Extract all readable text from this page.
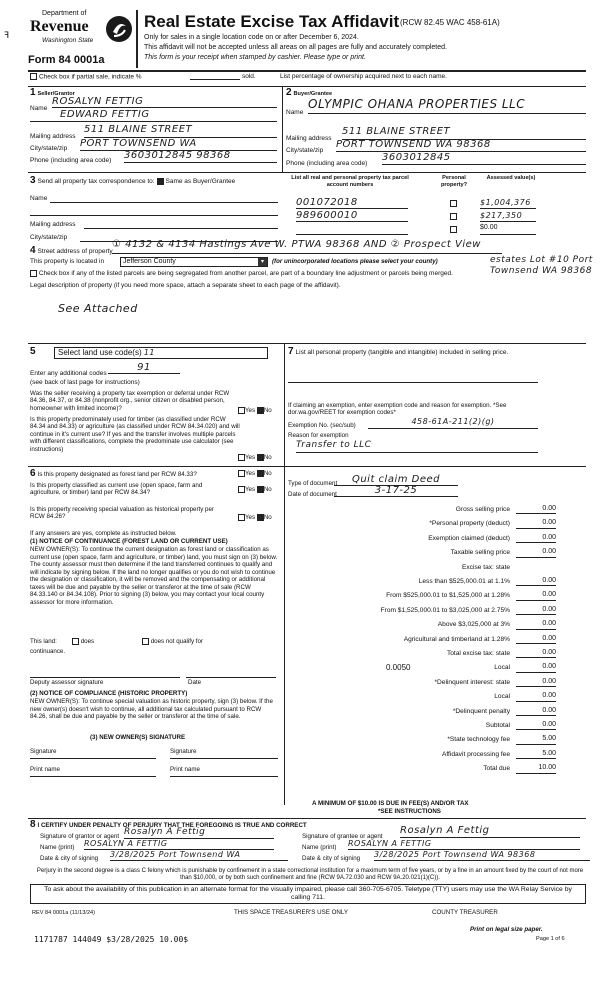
Department of
Revenue
Washington State
Form 84 0001a
Real Estate Excise Tax Affidavit (RCW 82.45 WAC 458-61A)
Only for sales in a single location code on or after December 6, 2024.
This affidavit will not be accepted unless all areas on all pages are fully and accurately completed.
This form is your receipt when stamped by cashier. Please type or print.
ꟻ
Check box if partial sale, indicate %	sold.	List percentage of ownership acquired next to each name.
1 Seller/Grantor
Name
ROSALYN FETTIG
EDWARD FETTIG
Mailing address
511 BLAINE STREET
City/state/zip PORT TOWNSEND WA
Phone (including area code) 3603012845 98368
2 Buyer/Grantee
Name
OLYMPIC OHANA PROPERTIES LLC
Mailing address
511 BLAINE STREET
City/state/zip
PORT TOWNSEND WA 98368
Phone (including area code)
3603012845
3 Send all property tax correspondence to: Same as Buyer/Grantee
Name
Mailing address
City/state/zip
List all real and personal property tax parcel account numbers
Personal property?
Assessed value(s)
001072018	$1,004,376
989600010	$217,350
$0.00
4 Street address of property
① 4132 & 4134 Hastings Ave W. PTWA 98368 AND ② Prospect View
estates Lot #10 Port Townsend WA 98368
This property is located in	Jefferson County	▾	(for unincorporated locations please select your county)
Check box if any of the listed parcels are being segregated from another parcel, are part of a boundary line adjustment or parcels being merged.
Legal description of property (if you need more space, attach a separate sheet to each page of the affidavit).
See Attached
5	Select land use code(s) 11
Enter any additional codes
91
(see back of last page for instructions)
Was the seller receiving a property tax exemption or deferral under RCW 84.36, 84.37, or 84.38 (nonprofit org., senior citizen or disabled person, homeowner with limited income)?	Yes No
Is this property predominately used for timber (as classified under RCW 84.34 and 84.33) or agriculture (as classified under RCW 84.34.020) and will continue in it's current use? If yes and the transfer involves multiple parcels with different classifications, complete the predominate use calculator (see instructions)
Yes No
7 List all personal property (tangible and intangible) included in selling price.
If claiming an exemption, enter exemption code and reason for exemption. *See dor.wa.gov/REET for exemption codes*
Exemption No. (sec/sub)	458-61A-211(2)(g)
Reason for exemption
Transfer to LLC
6 Is this property designated as forest land per RCW 84.33?	Yes No
Is this property classified as current use (open space, farm and agriculture, or timber) land per RCW 84.34?	Yes No
Is this property receiving special valuation as historical property per RCW 84.26?	Yes No
If any answers are yes, complete as instructed below.
(1) NOTICE OF CONTINUANCE (FOREST LAND OR CURRENT USE)
NEW OWNER(S): To continue the current designation as forest land or classification as current use (open space, farm and agriculture, or timber) land, you must sign on (3) below. The county assessor must then determine if the land transferred continues to qualify and will indicate by signing below. If the land no longer qualifies or you do not wish to continue the designation or classification, it will be removed and the compensating or additional taxes will be due and payable by the seller or transferor at the time of sale (RCW 84.33.140 or 84.34.108). Prior to signing (3) below, you may contact your local county assessor for more information.
This land:	does	does not qualify for
continuance.
Deputy assessor signature	Date
(2) NOTICE OF COMPLIANCE (HISTORIC PROPERTY)
NEW OWNER(S): To continue special valuation as historic property, sign (3) below. If the new owner(s) doesn't wish to continue, all additional tax calculated pursuant to RCW 84.26, shall be due and payable by the seller or transferor at the time of sale.
(3) NEW OWNER(S) SIGNATURE
Signature	Signature
Print name	Print name
Type of document	Quit claim Deed
Date of document	3-17-25
Gross selling price	0.00
*Personal property (deduct)	0.00
Exemption claimed (deduct)	0.00
Taxable selling price	0.00
Excise tax: state
Less than $525,000.01 at 1.1%	0.00
From $525,000.01 to $1,525,000 at 1.28%	0.00
From $1,525,000.01 to $3,025,000 at 2.75%	0.00
Above $3,025,000 at 3%	0.00
Agricultural and timberland at 1.28%	0.00
Total excise tax: state	0.00
Local	0.00
*Delinquent interest: state	0.00
Local	0.00
*Delinquent penalty	0.00
Subtotal	0.00
*State technology fee	5.00
Affidavit processing fee	5.00
Total due	10.00
0.0050
A MINIMUM OF $10.00 IS DUE IN FEE(S) AND/OR TAX
*SEE INSTRUCTIONS
8 I CERTIFY UNDER PENALTY OF PERJURY THAT THE FOREGOING IS TRUE AND CORRECT
Signature of grantor or agent Rosalyn A Fettig
Name (print) ROSALYN A FETTIG
Date & city of signing 3/28/2025 Port Townsend WA
Signature of grantee or agent
Rosalyn A Fettig
Name (print) ROSALYN A FETTIG
Date & city of signing 3/28/2025 Port Townsend WA 98368
Perjury in the second degree is a class C felony which is punishable by confinement in a state correctional institution for a maximum term of five years, or by a fine in an amount fixed by the court of not more than $10,000, or by both such confinement and fine (RCW 9A.72.030 and RCW 9A.20.021(1)(C)).
To ask about the availability of this publication in an alternate format for the visually impaired, please call 360-705-6705. Teletype (TTY) users may use the WA Relay Service by calling 711.
REV 84 0001a (11/13/24)	THIS SPACE TREASURER'S USE ONLY	COUNTY TREASURER
Print on legal size paper.
Page 1 of 6
1171787 144049 $3/28/2025 10.00$
